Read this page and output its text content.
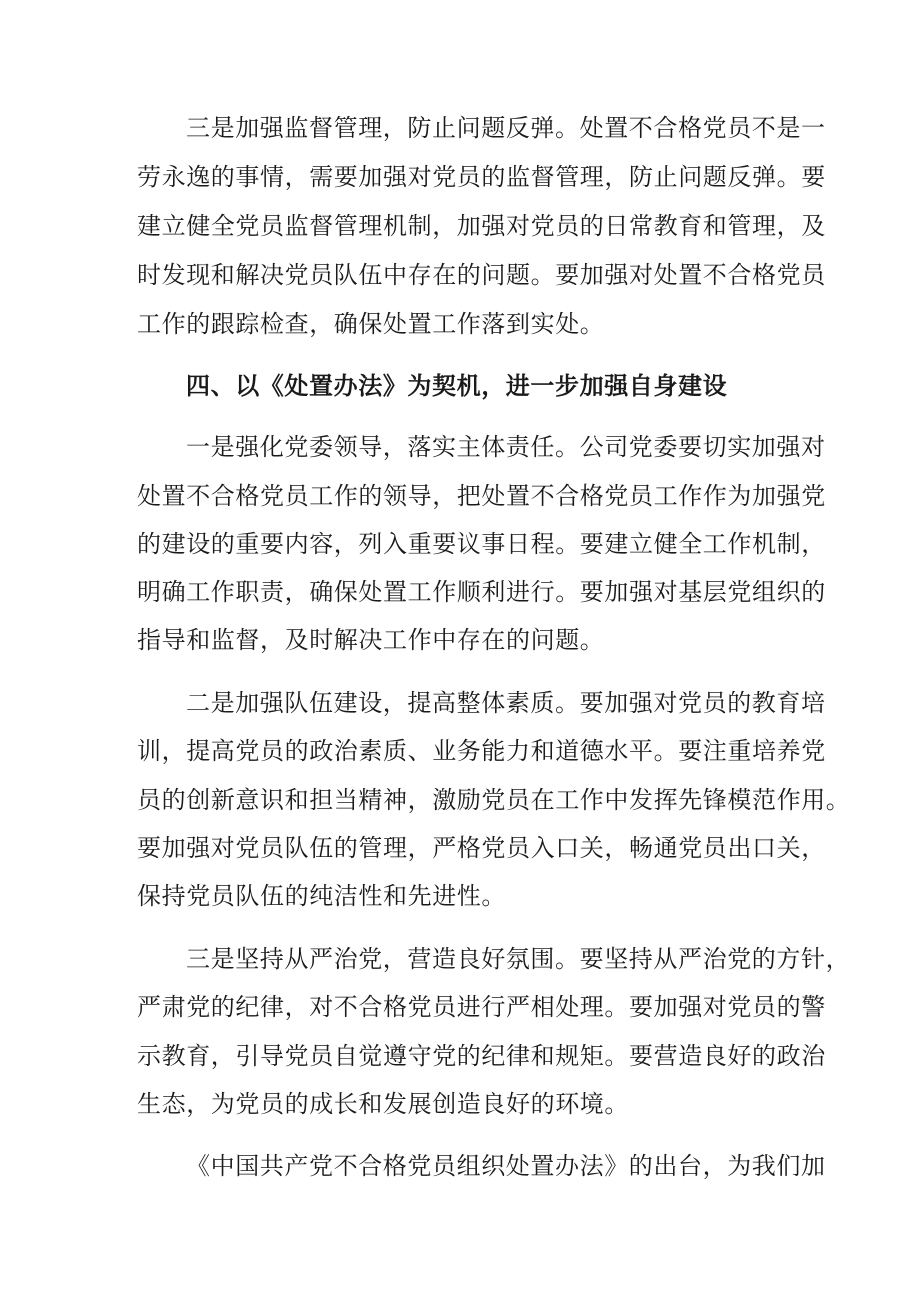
三是加强监督管理，防止问题反弹。处置不合格党员不是一
劳永逸的事情，需要加强对党员的监督管理，防止问题反弹。要
建立健全党员监督管理机制，加强对党员的日常教育和管理，及
时发现和解决党员队伍中存在的问题。要加强对处置不合格党员
工作的跟踪检查，确保处置工作落到实处。
四、以《处置办法》为契机，进一步加强自身建设
一是强化党委领导，落实主体责任。公司党委要切实加强对
处置不合格党员工作的领导，把处置不合格党员工作作为加强党
的建设的重要内容，列入重要议事日程。要建立健全工作机制，
明确工作职责，确保处置工作顺利进行。要加强对基层党组织的
指导和监督，及时解决工作中存在的问题。
二是加强队伍建设，提高整体素质。要加强对党员的教育培
训，提高党员的政治素质、业务能力和道德水平。要注重培养党
员的创新意识和担当精神，激励党员在工作中发挥先锋模范作用。
要加强对党员队伍的管理，严格党员入口关，畅通党员出口关，
保持党员队伍的纯洁性和先进性。
三是坚持从严治党，营造良好氛围。要坚持从严治党的方针，
严肃党的纪律，对不合格党员进行严相处理。要加强对党员的警
示教育，引导党员自觉遵守党的纪律和规矩。要营造良好的政治
生态，为党员的成长和发展创造良好的环境。
《中国共产党不合格党员组织处置办法》的出台，为我们加
